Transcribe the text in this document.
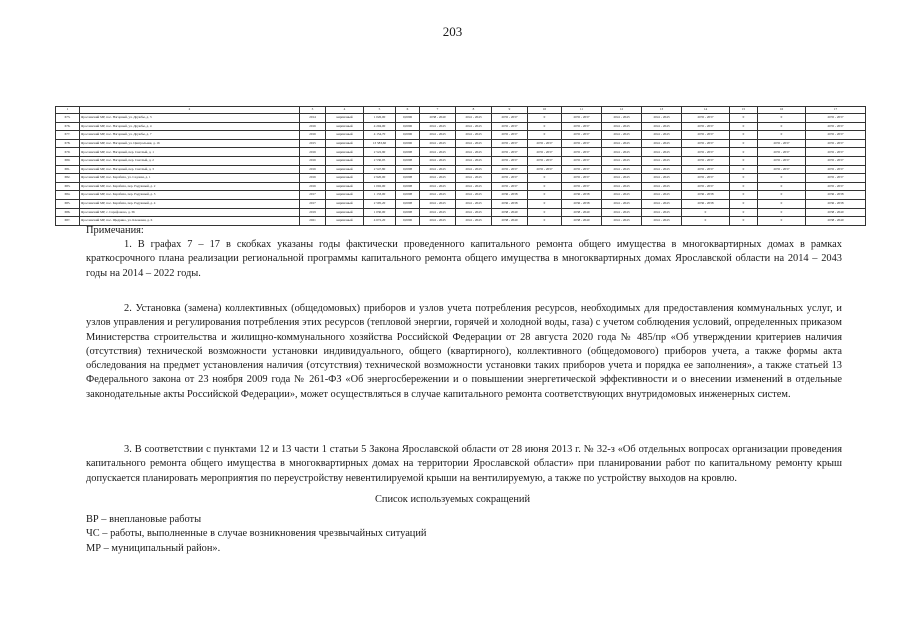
203
1	2	3	4	5	6	7	8	9	10	11	12	13	14	15	16	17
673.	Ярославский МР, пос. Нагорный, ул. Дружбы, д. 3	2014	кирпичный	1 026,00	0,0006	2038 - 2040	2041 - 2043	2035 - 2037	0	2035 - 2037	2041 - 2043	2041 - 2043	2035 - 2037	0	0	2035 - 2037
676.	Ярославский МР, пос. Нагорный, ул. Дружбы, д. 4	2016	кирпичный	4 204,00	0,0006	2041 - 2043	2041 - 2043	2035 - 2037	0	2035 - 2037	2041 - 2043	2041 - 2043	2035 - 2037	0	0	2035 - 2037
677.	Ярославский МР, пос. Нагорный, ул. Дружбы, д. 7	2016	кирпичный	4 154,70	0,0006	2041 - 2043	2041 - 2043	2035 - 2037	0	2035 - 2037	2041 - 2043	2041 - 2043	2035 - 2037	0	0	2035 - 2037
678.	Ярославский МР, пос. Нагорный, ул. Центральная, д. 16	2015	кирпичный	13 583,60	0,0006	2041 - 2043	2041 - 2043	2035 - 2037	2035 - 2037	2035 - 2037	2041 - 2043	2041 - 2043	2035 - 2037	0	2035 - 2037	2035 - 2037
679.	Ярославский МР, пос. Нагорный, пер. Светлый, д. 1	2016	кирпичный	2 522,90	0,0008	2041 - 2043	2041 - 2043	2035 - 2037	2035 - 2037	2035 - 2037	2041 - 2043	2041 - 2043	2035 - 2037	0	2035 - 2037	2035 - 2037
680.	Ярославский МР, пос. Нагорный, пер. Светлый, д. 2	2016	кирпичный	2 530,05	0,0008	2041 - 2043	2041 - 2043	2035 - 2037	2035 - 2037	2035 - 2037	2041 - 2043	2041 - 2043	2035 - 2037	0	2035 - 2037	2035 - 2037
681.	Ярославский МР, пос. Нагорный, пер. Светлый, д. 3	2016	кирпичный	2 547,80	0,0008	2041 - 2043	2041 - 2043	2035 - 2037	2035 - 2037	2035 - 2037	2041 - 2043	2041 - 2043	2035 - 2037	0	2035 - 2037	2035 - 2037
682.	Ярославский МР, пос. Карабиха, ул. Садовая, д. 1	2016	кирпичный	2 920,00	0,0008	2041 - 2043	2041 - 2043	2035 - 2037	0	2035 - 2037	2041 - 2043	2041 - 2043	2035 - 2037	0	0	2035 - 2037
683.	Ярославский МР, пос. Карабиха, пер. Радужный, д. 2	2016	кирпичный	1 002,00	0,0008	2041 - 2043	2041 - 2043	2035 - 2037	0	2035 - 2037	2041 - 2043	2041 - 2043	2035 - 2037	0	0	2035 - 2037
684.	Ярославский МР, пос. Карабиха, пер. Радужный, д. 3	2017	кирпичный	1 133,00	0,0008	2041 - 2043	2041 - 2043	2036 - 2038	0	2036 - 2038	2041 - 2043	2041 - 2043	2036 - 2038	0	0	2036 - 2038
685.	Ярославский МР, пос. Карабиха, пер. Радужный, д. 4	2017	кирпичный	2 595,20	0,0008	2041 - 2043	2041 - 2043	2036 - 2038	0	2036 - 2038	2041 - 2043	2041 - 2043	2036 - 2038	0	0	2036 - 2038
686.	Ярославский МР, с. Сарафоново, д. 36	2019	кирпичный	1 030,00	0,0008	2041 - 2043	2041 - 2043	2038 - 2040	0	2038 - 2040	2041 - 2043	2041 - 2043	0	0	0	2038 - 2040
687.	Ярославский МР, пос. Щедрино, ул. Кленовая, д. 6	2021	кирпичный	4 672,20	0,0006	2041 - 2043	2041 - 2043	2038 - 2040	0	2038 - 2040	2041 - 2043	2041 - 2043	0	0	0	2038 - 2040
Примечания:

1. В графах 7 – 17 в скобках указаны годы фактически проведенного капитального ремонта общего имущества в многоквартирных домах в рамках краткосрочного плана реализации региональной программы капитального ремонта общего имущества в многоквартирных домах Ярославской области на 2014 – 2043 годы на 2014 – 2022 годы.

2. Установка (замена) коллективных (общедомовых) приборов и узлов учета потребления ресурсов, необходимых для предоставления коммунальных услуг, и узлов управления и регулирования потребления этих ресурсов (тепловой энергии, горячей и холодной воды, газа) с учетом соблюдения условий, определенных приказом Министерства строительства и жилищно-коммунального хозяйства Российской Федерации от 28 августа 2020 года № 485/пр «Об утверждении критериев наличия (отсутствия) технической возможности установки индивидуального, общего (квартирного), коллективного (общедомового) приборов учета, а также формы акта обследования на предмет установления наличия (отсутствия) технической возможности установки таких приборов учета и порядка ее заполнения», а также статьей 13 Федерального закона от 23 ноября 2009 года № 261-ФЗ «Об энергосбережении и о повышении энергетической эффективности и о внесении изменений в отдельные законодательные акты Российской Федерации», может осуществляться в случае капитального ремонта соответствующих внутридомовых инженерных систем.

3. В соответствии с пунктами 12 и 13 части 1 статьи 5 Закона Ярославской области от 28 июня 2013 г. № 32-з «Об отдельных вопросах организации проведения капитального ремонта общего имущества в многоквартирных домах на территории Ярославской области» при планировании работ по капитальному ремонту крыш допускается планировать мероприятия по переустройству невентилируемой крыши на вентилируемую, а также по устройству выходов на кровлю.

Список используемых сокращений
ВР – внеплановые работы
ЧС – работы, выполненные в случае возникновения чрезвычайных ситуаций
МР – муниципальный район».
